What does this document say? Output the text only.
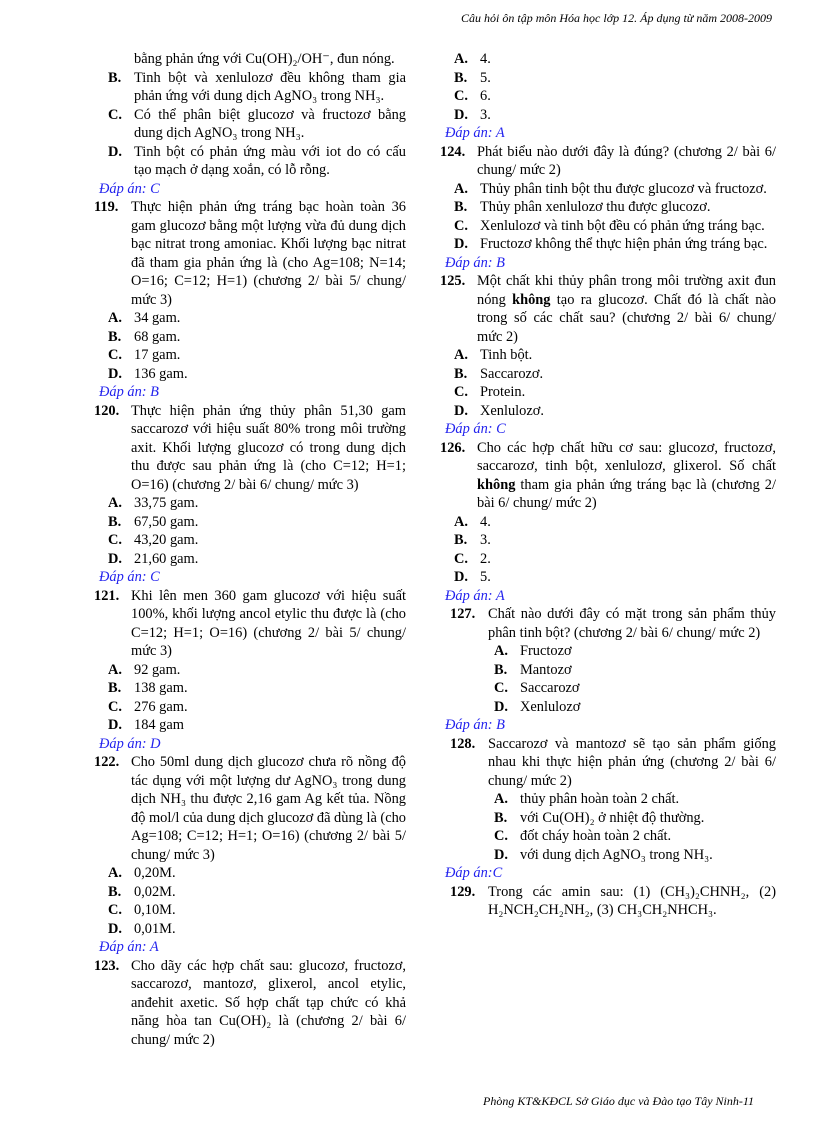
Câu hỏi ôn tập môn Hóa học lớp 12. Áp dụng từ năm 2008-2009
bằng phản ứng với Cu(OH)₂/OH⁻, đun nóng.
B. Tinh bột và xenlulozơ đều không tham gia phản ứng với dung dịch AgNO₃ trong NH₃.
C. Có thể phân biệt glucozơ và fructozơ bằng dung dịch AgNO₃ trong NH₃.
D. Tinh bột có phản ứng màu với iot do có cấu tạo mạch ở dạng xoắn, có lỗ rỗng.
Đáp án: C
119. Thực hiện phản ứng tráng bạc hoàn toàn 36 gam glucozơ bằng một lượng vừa đủ dung dịch bạc nitrat trong amoniac. Khối lượng bạc nitrat đã tham gia phản ứng là (cho Ag=108; N=14; O=16; C=12; H=1) (chương 2/ bài 5/ chung/ mức 3)
A. 34 gam.
B. 68 gam.
C. 17 gam.
D. 136 gam.
Đáp án: B
120. Thực hiện phản ứng thủy phân 51,30 gam saccarozơ với hiệu suất 80% trong môi trường axit. Khối lượng glucozơ có trong dung dịch thu được sau phản ứng là (cho C=12; H=1; O=16) (chương 2/ bài 6/ chung/ mức 3)
A. 33,75 gam.
B. 67,50 gam.
C. 43,20 gam.
D. 21,60 gam.
Đáp án: C
121. Khi lên men 360 gam glucozơ với hiệu suất 100%, khối lượng ancol etylic thu được là (cho C=12; H=1; O=16) (chương 2/ bài 5/ chung/ mức 3)
A. 92 gam.
B. 138 gam.
C. 276 gam.
D. 184 gam
Đáp án: D
122. Cho 50ml dung dịch glucozơ chưa rõ nồng độ tác dụng với một lượng dư AgNO₃ trong dung dịch NH₃ thu được 2,16 gam Ag kết tủa. Nồng độ mol/l của dung dịch glucozơ đã dùng là (cho Ag=108; C=12; H=1; O=16) (chương 2/ bài 5/ chung/ mức 3)
A. 0,20M.
B. 0,02M.
C. 0,10M.
D. 0,01M.
Đáp án: A
123. Cho dãy các hợp chất sau: glucozơ, fructozơ, saccarozơ, mantozơ, glixerol, ancol etylic, anđehit axetic. Số hợp chất tạp chức có khả năng hòa tan Cu(OH)₂ là (chương 2/ bài 6/ chung/ mức 2)
A. 4.
B. 5.
C. 6.
D. 3.
Đáp án: A
124. Phát biểu nào dưới đây là đúng? (chương 2/ bài 6/ chung/ mức 2)
A. Thủy phân tinh bột thu được glucozơ và fructozơ.
B. Thủy phân xenlulozơ thu được glucozơ.
C. Xenlulozơ và tinh bột đều có phản ứng tráng bạc.
D. Fructozơ không thể thực hiện phản ứng tráng bạc.
Đáp án: B
125. Một chất khi thủy phân trong môi trường axit đun nóng không tạo ra glucozơ. Chất đó là chất nào trong số các chất sau? (chương 2/ bài 6/ chung/ mức 2)
A. Tinh bột.
B. Saccarozơ.
C. Protein.
D. Xenlulozơ.
Đáp án: C
126. Cho các hợp chất hữu cơ sau: glucozơ, fructozơ, saccarozơ, tinh bột, xenlulozơ, glixerol. Số chất không tham gia phản ứng tráng bạc là (chương 2/ bài 6/ chung/ mức 2)
A. 4.
B. 3.
C. 2.
D. 5.
Đáp án: A
127. Chất nào dưới đây có mặt trong sản phẩm thủy phân tinh bột? (chương 2/ bài 6/ chung/ mức 2)
A. Fructozơ
B. Mantozơ
C. Saccarozơ
D. Xenlulozơ
Đáp án: B
128. Saccarozơ và mantozơ sẽ tạo sản phẩm giống nhau khi thực hiện phản ứng (chương 2/ bài 6/ chung/ mức 2)
A. thủy phân hoàn toàn 2 chất.
B. với Cu(OH)₂ ở nhiệt độ thường.
C. đốt cháy hoàn toàn 2 chất.
D. với dung dịch AgNO₃ trong NH₃.
Đáp án:C
129. Trong các amin sau: (1) (CH₃)₂CHNH₂, (2) H₂NCH₂CH₂NH₂, (3) CH₃CH₂NHCH₃.
Phòng KT&KĐCL Sở Giáo dục và Đào tạo Tây Ninh-11
